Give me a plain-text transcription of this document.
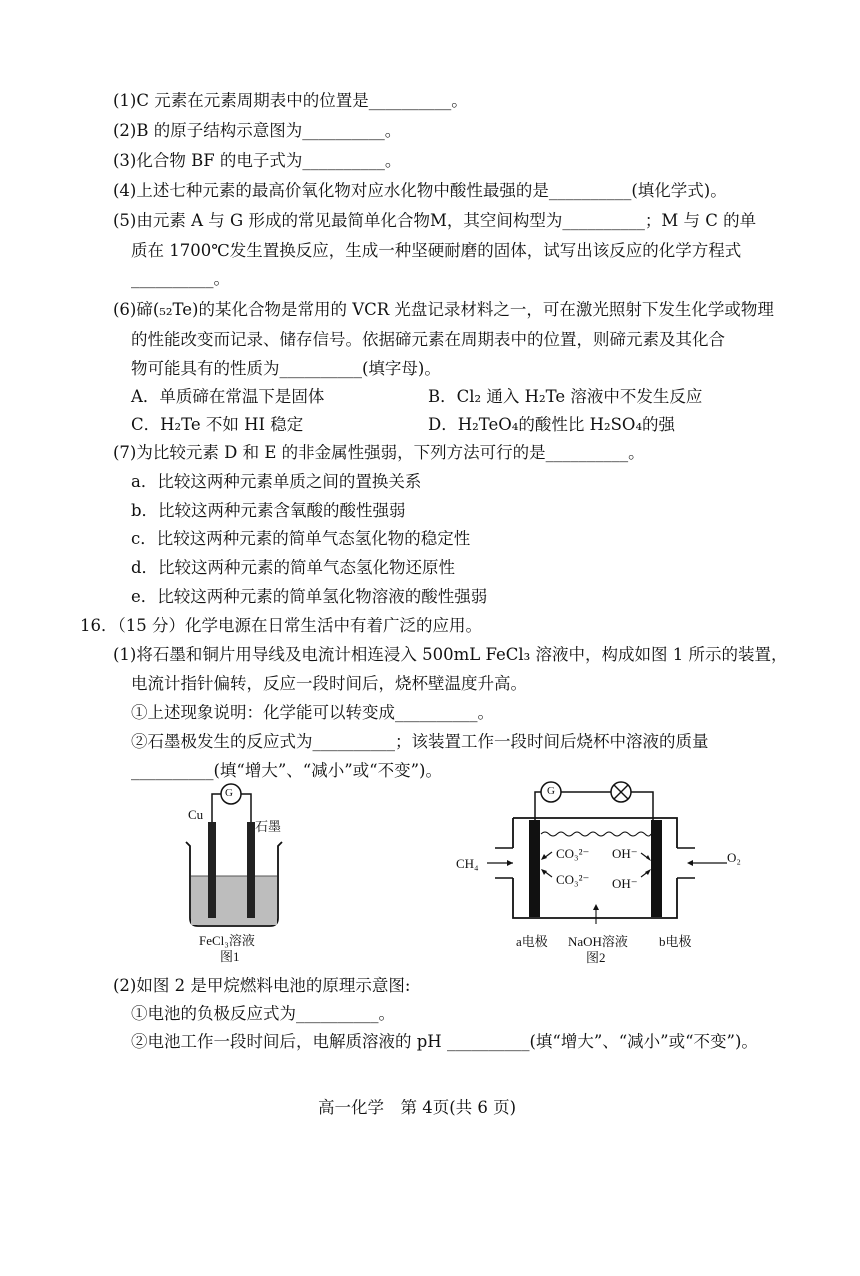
(1)C 元素在元素周期表中的位置是__________。
(2)B 的原子结构示意图为__________。
(3)化合物 BF 的电子式为__________。
(4)上述七种元素的最高价氧化物对应水化物中酸性最强的是__________(填化学式)。
(5)由元素 A 与 G 形成的常见最简单化合物M，其空间构型为__________；M 与 C 的单
质在 1700℃发生置换反应，生成一种坚硬耐磨的固体，试写出该反应的化学方程式
__________。
(6)碲(₅₂Te)的某化合物是常用的 VCR 光盘记录材料之一，可在激光照射下发生化学或物理
的性能改变而记录、储存信号。依据碲元素在周期表中的位置，则碲元素及其化合
物可能具有的性质为__________(填字母)。
A．单质碲在常温下是固体	B．Cl₂ 通入 H₂Te 溶液中不发生反应
C．H₂Te 不如 HI 稳定	D．H₂TeO₄的酸性比 H₂SO₄的强
(7)为比较元素 D 和 E 的非金属性强弱，下列方法可行的是__________。
a．比较这两种元素单质之间的置换关系
b．比较这两种元素含氧酸的酸性强弱
c．比较这两种元素的简单气态氢化物的稳定性
d．比较这两种元素的简单气态氢化物还原性
e．比较这两种元素的简单氢化物溶液的酸性强弱
16．（15 分）化学电源在日常生活中有着广泛的应用。
(1)将石墨和铜片用导线及电流计相连浸入 500mL FeCl₃ 溶液中，构成如图 1 所示的装置，
电流计指针偏转，反应一段时间后，烧杯壁温度升高。
①上述现象说明：化学能可以转变成__________。
②石墨极发生的反应式为__________；该装置工作一段时间后烧杯中溶液的质量
__________(填“增大”、“减小”或“不变”)。
Cu
G
石墨
FeCl₃溶液
图1
G
CH₄	O₂
CO₃²⁻
CO₃²⁻
OH⁻
OH⁻
a电极 NaOH溶液 b电极
图2
(2)如图 2 是甲烷燃料电池的原理示意图:
①电池的负极反应式为__________。
②电池工作一段时间后，电解质溶液的 pH __________(填“增大”、“减小”或“不变”)。
高一化学　第 4页(共 6 页)
